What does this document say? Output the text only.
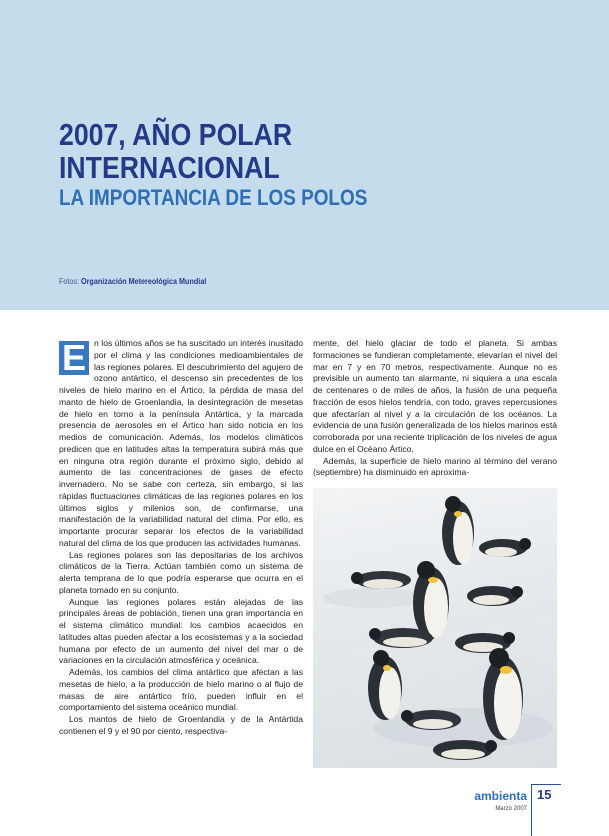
2007, AÑO POLAR
INTERNACIONAL
LA IMPORTANCIA DE LOS POLOS
Fotos: Organización Metereológica Mundial
E n los últimos años se ha suscitado un interés inusitado por el clima y las condiciones medioambientales de las regiones polares. El descubrimiento del agujero de ozono antártico, el descenso sin precedentes de los niveles de hielo marino en el Ártico, la pérdida de masa del manto de hielo de Groenlandia, la desintegración de mesetas de hielo en torno a la península Antártica, y la marcada presencia de aerosoles en el Ártico han sido noticia en los medios de comunicación. Además, los modelos climáticos predicen que en latitudes altas la temperatura subirá más que en ninguna otra región durante el próximo siglo, debido al aumento de las concentraciones de gases de efecto invernadero. No se sabe con certeza, sin embargo, si las rápidas fluctuaciones climáticas de las regiones polares en los últimos siglos y milenios son, de confirmarse, una manifestación de la variabilidad natural del clima. Por ello, es importante procurar separar los efectos de la variabilidad natural del clima de los que producen las actividades humanas.

Las regiones polares son las depositarias de los archivos climáticos de la Tierra. Actúan también como un sistema de alerta temprana de lo que podría esperarse que ocurra en el planeta tomado en su conjunto.

Aunque las regiones polares están alejadas de las principales áreas de población, tienen una gran importancia en el sistema climático mundial: los cambios acaecidos en latitudes altas pueden afectar a los ecosistemas y a la sociedad humana por efecto de un aumento del nivel del mar o de variaciones en la circulación atmosférica y oceánica.

Además, los cambios del clima antártico que afectan a las mesetas de hielo, a la producción de hielo marino o al flujo de masas de aire antártico frío, pueden influir en el comportamiento del sistema oceánico mundial.

Los mantos de hielo de Groenlandia y de la Antártida contienen el 9 y el 90 por ciento, respectiva-

mente, del hielo glaciar de todo el planeta. Si ambas formaciones se fundieran completamente, elevarían el nivel del mar en 7 y en 70 metros, respectivamente. Aunque no es previsible un aumento tan alarmante, ni siquiera a una escala de centenares o de miles de años, la fusión de una pequeña fracción de esos hielos tendría, con todo, graves repercusiones que afectarían al nivel y a la circulación de los océanos. La evidencia de una fusión generalizada de los hielos marinos está corroborada por una reciente triplicación de los niveles de agua dulce en el Océano Ártico.

Además, la superficie de hielo marino al término del verano (septiembre) ha disminuido en aproxima-

ambienta 15
Marzo 2007
